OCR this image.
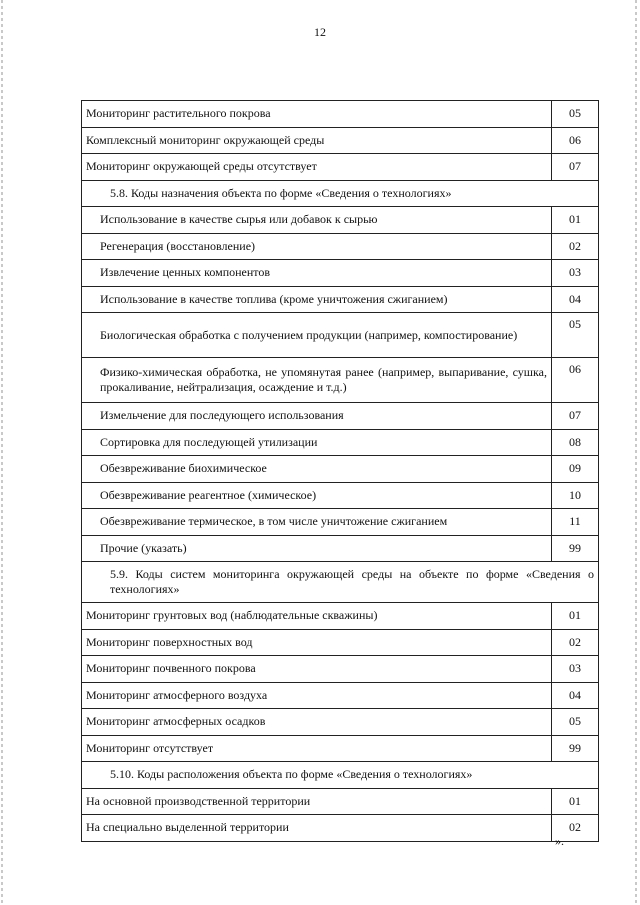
12
Мониторинг растительного покрова	05
Комплексный мониторинг окружающей среды	06
Мониторинг окружающей среды отсутствует	07
5.8. Коды назначения объекта по форме «Сведения о технологиях»	
Использование в качестве сырья или добавок к сырью	01
Регенерация (восстановление)	02
Извлечение ценных компонентов	03
Использование в качестве топлива (кроме уничтожения сжиганием)	04
Биологическая обработка с получением продукции (например, компостирование)	05
Физико-химическая обработка, не упомянутая ранее (например, выпаривание, сушка, прокаливание, нейтрализация, осаждение и т.д.)	06
Измельчение для последующего использования	07
Сортировка для последующей утилизации	08
Обезвреживание биохимическое	09
Обезвреживание реагентное (химическое)	10
Обезвреживание термическое, в том числе уничтожение сжиганием	11
Прочие (указать)	99
5.9. Коды систем мониторинга окружающей среды на объекте по форме «Сведения о технологиях»	
Мониторинг грунтовых вод (наблюдательные скважины)	01
Мониторинг поверхностных вод	02
Мониторинг почвенного покрова	03
Мониторинг атмосферного воздуха	04
Мониторинг атмосферных осадков	05
Мониторинг отсутствует	99
5.10. Коды расположения объекта по форме «Сведения о технологиях»	
На основной производственной территории	01
На специально выделенной территории	02
».
